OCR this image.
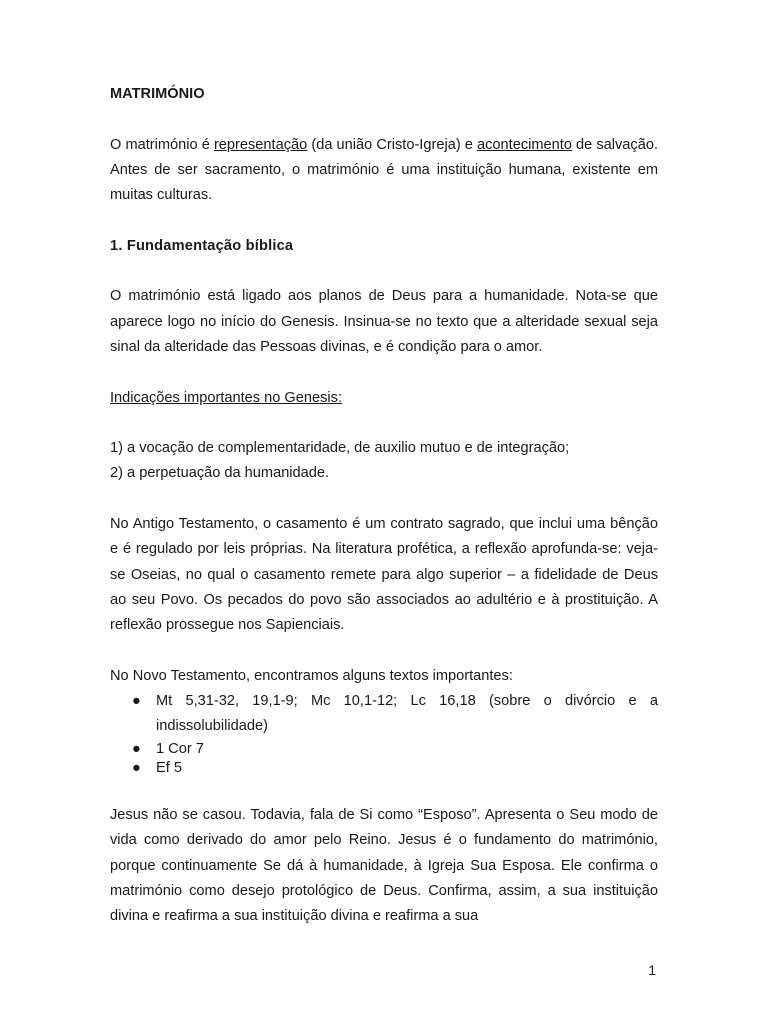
MATRIMÓNIO

O matrimónio é representação (da união Cristo-Igreja) e acontecimento de salvação. Antes de ser sacramento, o matrimónio é uma instituição humana, existente em muitas culturas.

1. Fundamentação bíblica

O matrimónio está ligado aos planos de Deus para a humanidade. Nota-se que aparece logo no início do Genesis. Insinua-se no texto que a alteridade sexual seja sinal da alteridade das Pessoas divinas, e é condição para o amor.

Indicações importantes no Genesis:

1) a vocação de complementaridade, de auxilio mutuo e de integração;

2) a perpetuação da humanidade.

No Antigo Testamento, o casamento é um contrato sagrado, que inclui uma bênção e é regulado por leis próprias. Na literatura profética, a reflexão aprofunda-se: veja-se Oseias, no qual o casamento remete para algo superior – a fidelidade de Deus ao seu Povo. Os pecados do povo são associados ao adultério e à prostituição. A reflexão prossegue nos Sapienciais.

No Novo Testamento, encontramos alguns textos importantes:

● Mt 5,31-32, 19,1-9; Mc 10,1-12; Lc 16,18 (sobre o divórcio e a indissolubilidade)
● 1 Cor 7
● Ef 5

Jesus não se casou. Todavia, fala de Si como “Esposo”. Apresenta o Seu modo de vida como derivado do amor pelo Reino. Jesus é o fundamento do matrimónio, porque continuamente Se dá à humanidade, à Igreja Sua Esposa. Ele confirma o matrimónio como desejo protológico de Deus. Confirma, assim, a sua instituição divina e reafirma a sua instituição divina e reafirma a sua

1
